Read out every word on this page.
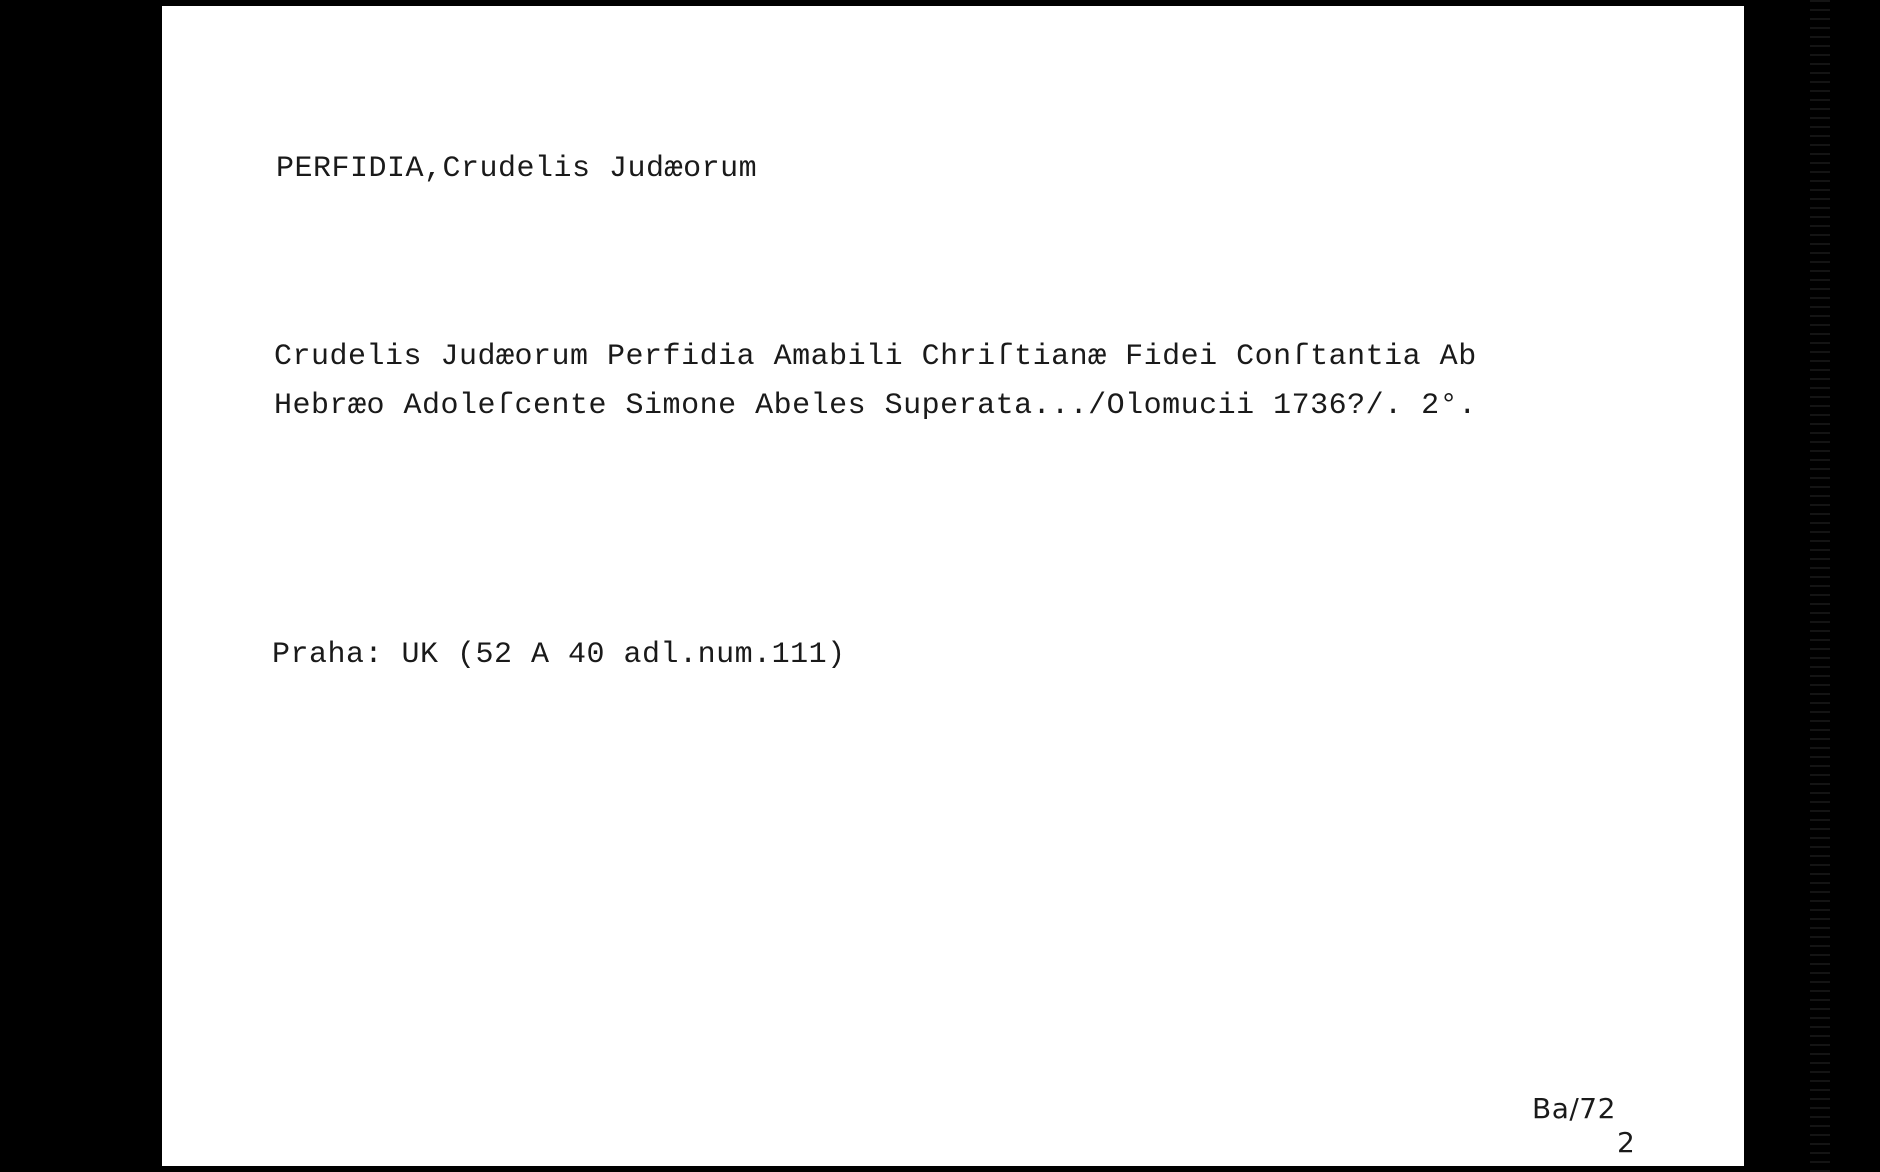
PERFIDIA,Crudelis Judæorum
Crudelis Judæorum Perfidia Amabili Chriſtianæ Fidei Conſtantia Ab
Hebræo Adoleſcente Simone Abeles Superata.../Olomucii 1736?/. 2°.
Praha: UK (52 A 40 adl.num.111)
Ba/72
2
